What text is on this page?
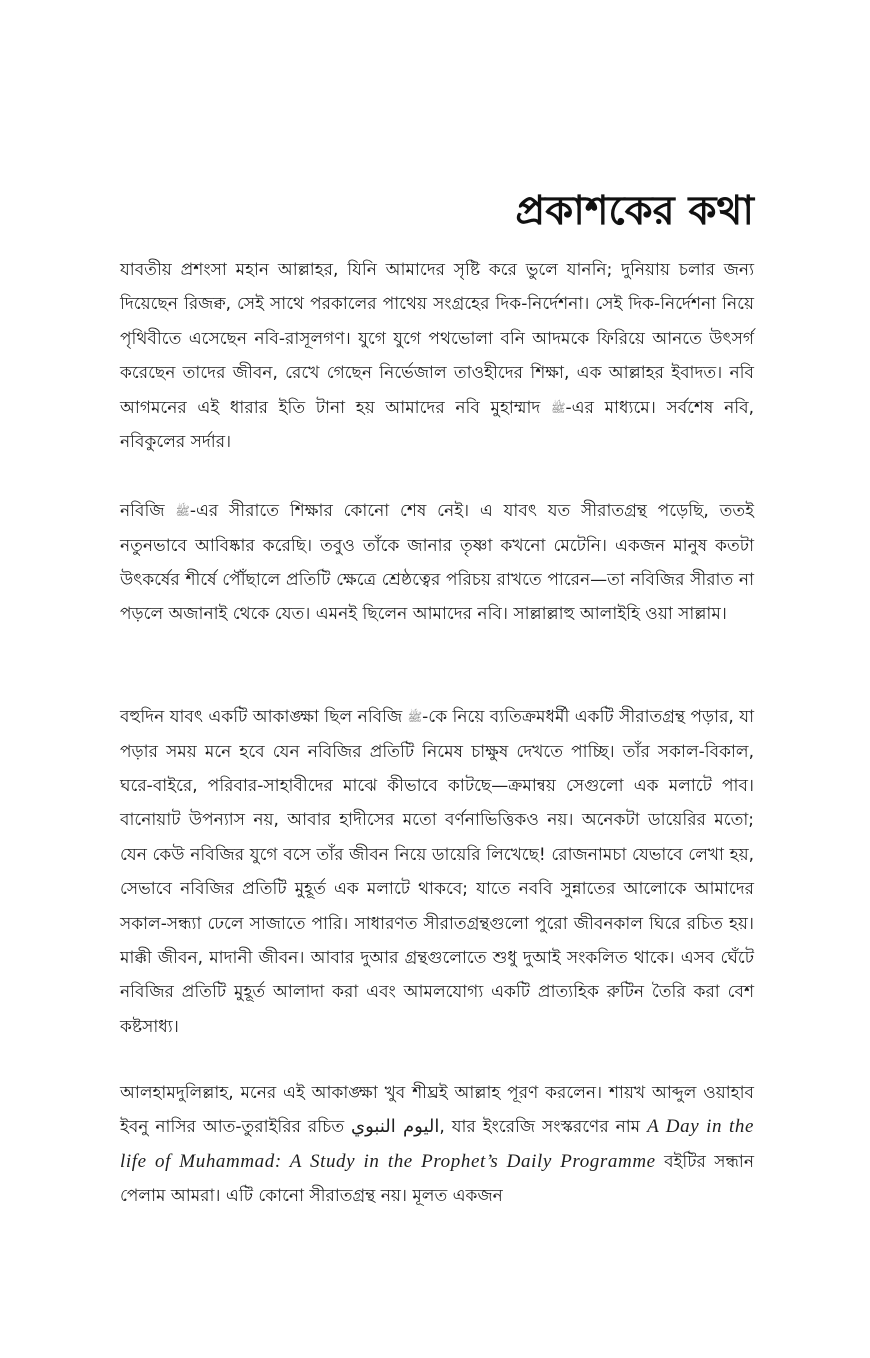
প্রকাশকের কথা

যাবতীয় প্রশংসা মহান আল্লাহর, যিনি আমাদের সৃষ্টি করে ভুলে যাননি; দুনিয়ায় চলার জন্য দিয়েছেন রিজক্ব, সেই সাথে পরকালের পাথেয় সংগ্রহের দিক-নির্দেশনা। সেই দিক-নির্দেশনা নিয়ে পৃথিবীতে এসেছেন নবি-রাসূলগণ। যুগে যুগে পথভোলা বনি আদমকে ফিরিয়ে আনতে উৎসর্গ করেছেন তাদের জীবন, রেখে গেছেন নির্ভেজাল তাওহীদের শিক্ষা, এক আল্লাহর ইবাদত। নবি আগমনের এই ধারার ইতি টানা হয় আমাদের নবি মুহাম্মাদ ﷺ-এর মাধ্যমে। সর্বশেষ নবি, নবিকুলের সর্দার।

নবিজি ﷺ-এর সীরাতে শিক্ষার কোনো শেষ নেই। এ যাবৎ যত সীরাতগ্রন্থ পড়েছি, ততই নতুনভাবে আবিষ্কার করেছি। তবুও তাঁকে জানার তৃষ্ণা কখনো মেটেনি। একজন মানুষ কতটা উৎকর্ষের শীর্ষে পৌঁছালে প্রতিটি ক্ষেত্রে শ্রেষ্ঠত্বের পরিচয় রাখতে পারেন—তা নবিজির সীরাত না পড়লে অজানাই থেকে যেত। এমনই ছিলেন আমাদের নবি। সাল্লাল্লাহু আলাইহি ওয়া সাল্লাম।

বহুদিন যাবৎ একটি আকাঙ্ক্ষা ছিল নবিজি ﷺ-কে নিয়ে ব্যতিক্রমধর্মী একটি সীরাতগ্রন্থ পড়ার, যা পড়ার সময় মনে হবে যেন নবিজির প্রতিটি নিমেষ চাক্ষুষ দেখতে পাচ্ছি। তাঁর সকাল-বিকাল, ঘরে-বাইরে, পরিবার-সাহাবীদের মাঝে কীভাবে কাটছে—ক্রমান্বয় সেগুলো এক মলাটে পাব। বানোয়াট উপন্যাস নয়, আবার হাদীসের মতো বর্ণনাভিত্তিকও নয়। অনেকটা ডায়েরির মতো; যেন কেউ নবিজির যুগে বসে তাঁর জীবন নিয়ে ডায়েরি লিখেছে! রোজনামচা যেভাবে লেখা হয়, সেভাবে নবিজির প্রতিটি মুহূর্ত এক মলাটে থাকবে; যাতে নববি সুন্নাতের আলোকে আমাদের সকাল-সন্ধ্যা ঢেলে সাজাতে পারি। সাধারণত সীরাতগ্রন্থগুলো পুরো জীবনকাল ঘিরে রচিত হয়। মাক্কী জীবন, মাদানী জীবন। আবার দুআর গ্রন্থগুলোতে শুধু দুআই সংকলিত থাকে। এসব ঘেঁটে নবিজির প্রতিটি মুহূর্ত আলাদা করা এবং আমলযোগ্য একটি প্রাত্যহিক রুটিন তৈরি করা বেশ কষ্টসাধ্য।

আলহামদুলিল্লাহ, মনের এই আকাঙ্ক্ষা খুব শীঘ্রই আল্লাহ পূরণ করলেন। শায়খ আব্দুল ওয়াহাব ইবনু নাসির আত-তুরাইরির রচিত اليوم النبوي, যার ইংরেজি সংস্করণের নাম A Day in the life of Muhammad: A Study in the Prophet’s Daily Programme বইটির সন্ধান পেলাম আমরা। এটি কোনো সীরাতগ্রন্থ নয়। মূলত একজন
